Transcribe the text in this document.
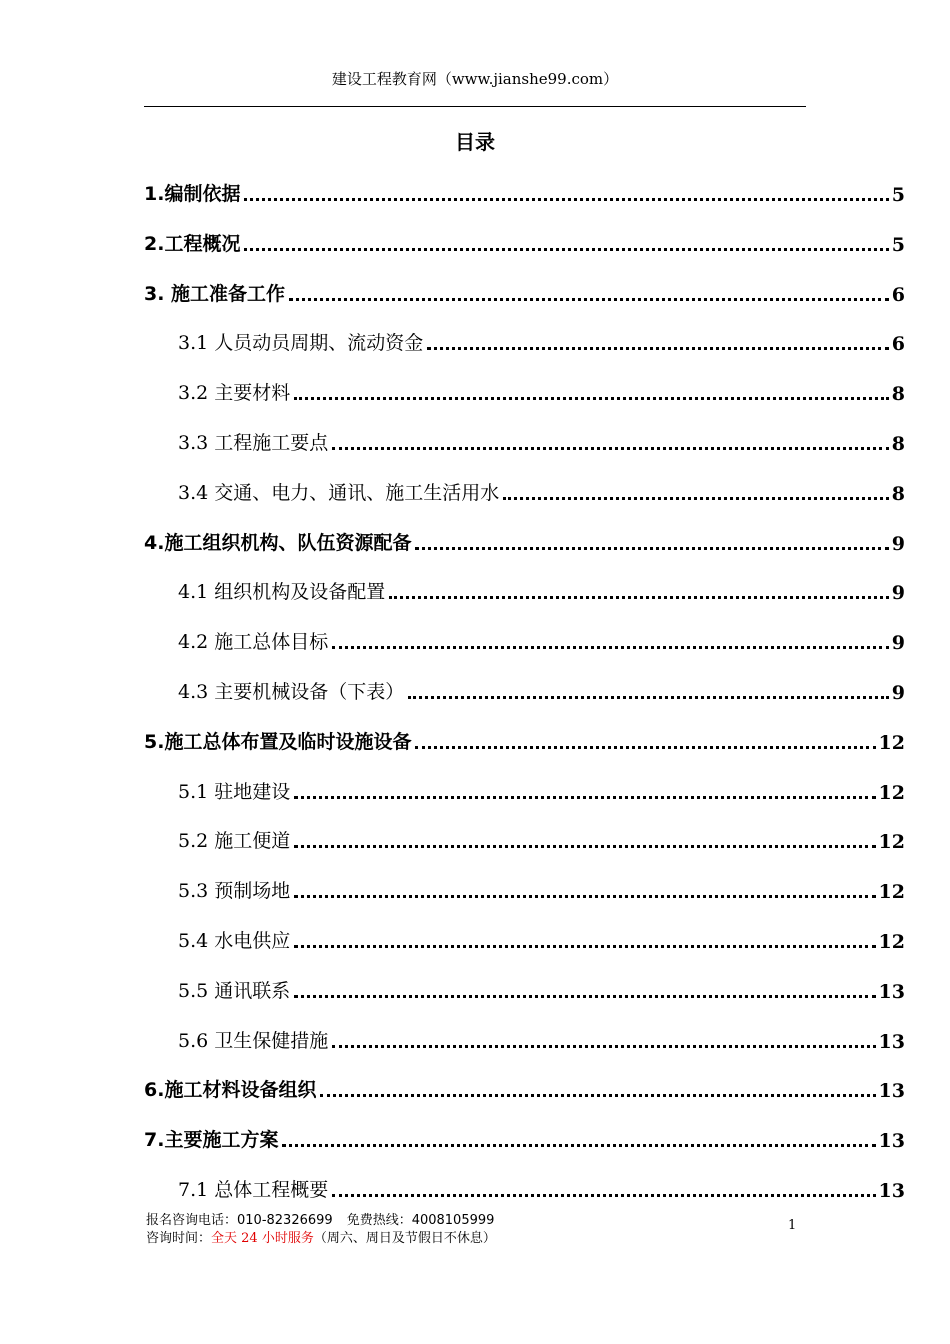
建设工程教育网（www.jianshe99.com）
目录
1.编制依据	5
2.工程概况	5
3. 施工准备工作	6
3.1 人员动员周期、流动资金	6
3.2 主要材料	8
3.3 工程施工要点	8
3.4 交通、电力、通讯、施工生活用水	8
4.施工组织机构、队伍资源配备	9
4.1 组织机构及设备配置	9
4.2 施工总体目标	9
4.3 主要机械设备（下表）	9
5.施工总体布置及临时设施设备	12
5.1 驻地建设	12
5.2 施工便道	12
5.3 预制场地	12
5.4 水电供应	12
5.5 通讯联系	13
5.6 卫生保健措施	13
6.施工材料设备组织	13
7.主要施工方案	13
7.1 总体工程概要	13
报名咨询电话：010-82326699 免费热线：4008105999
咨询时间：全天 24 小时服务（周六、周日及节假日不休息）
1
